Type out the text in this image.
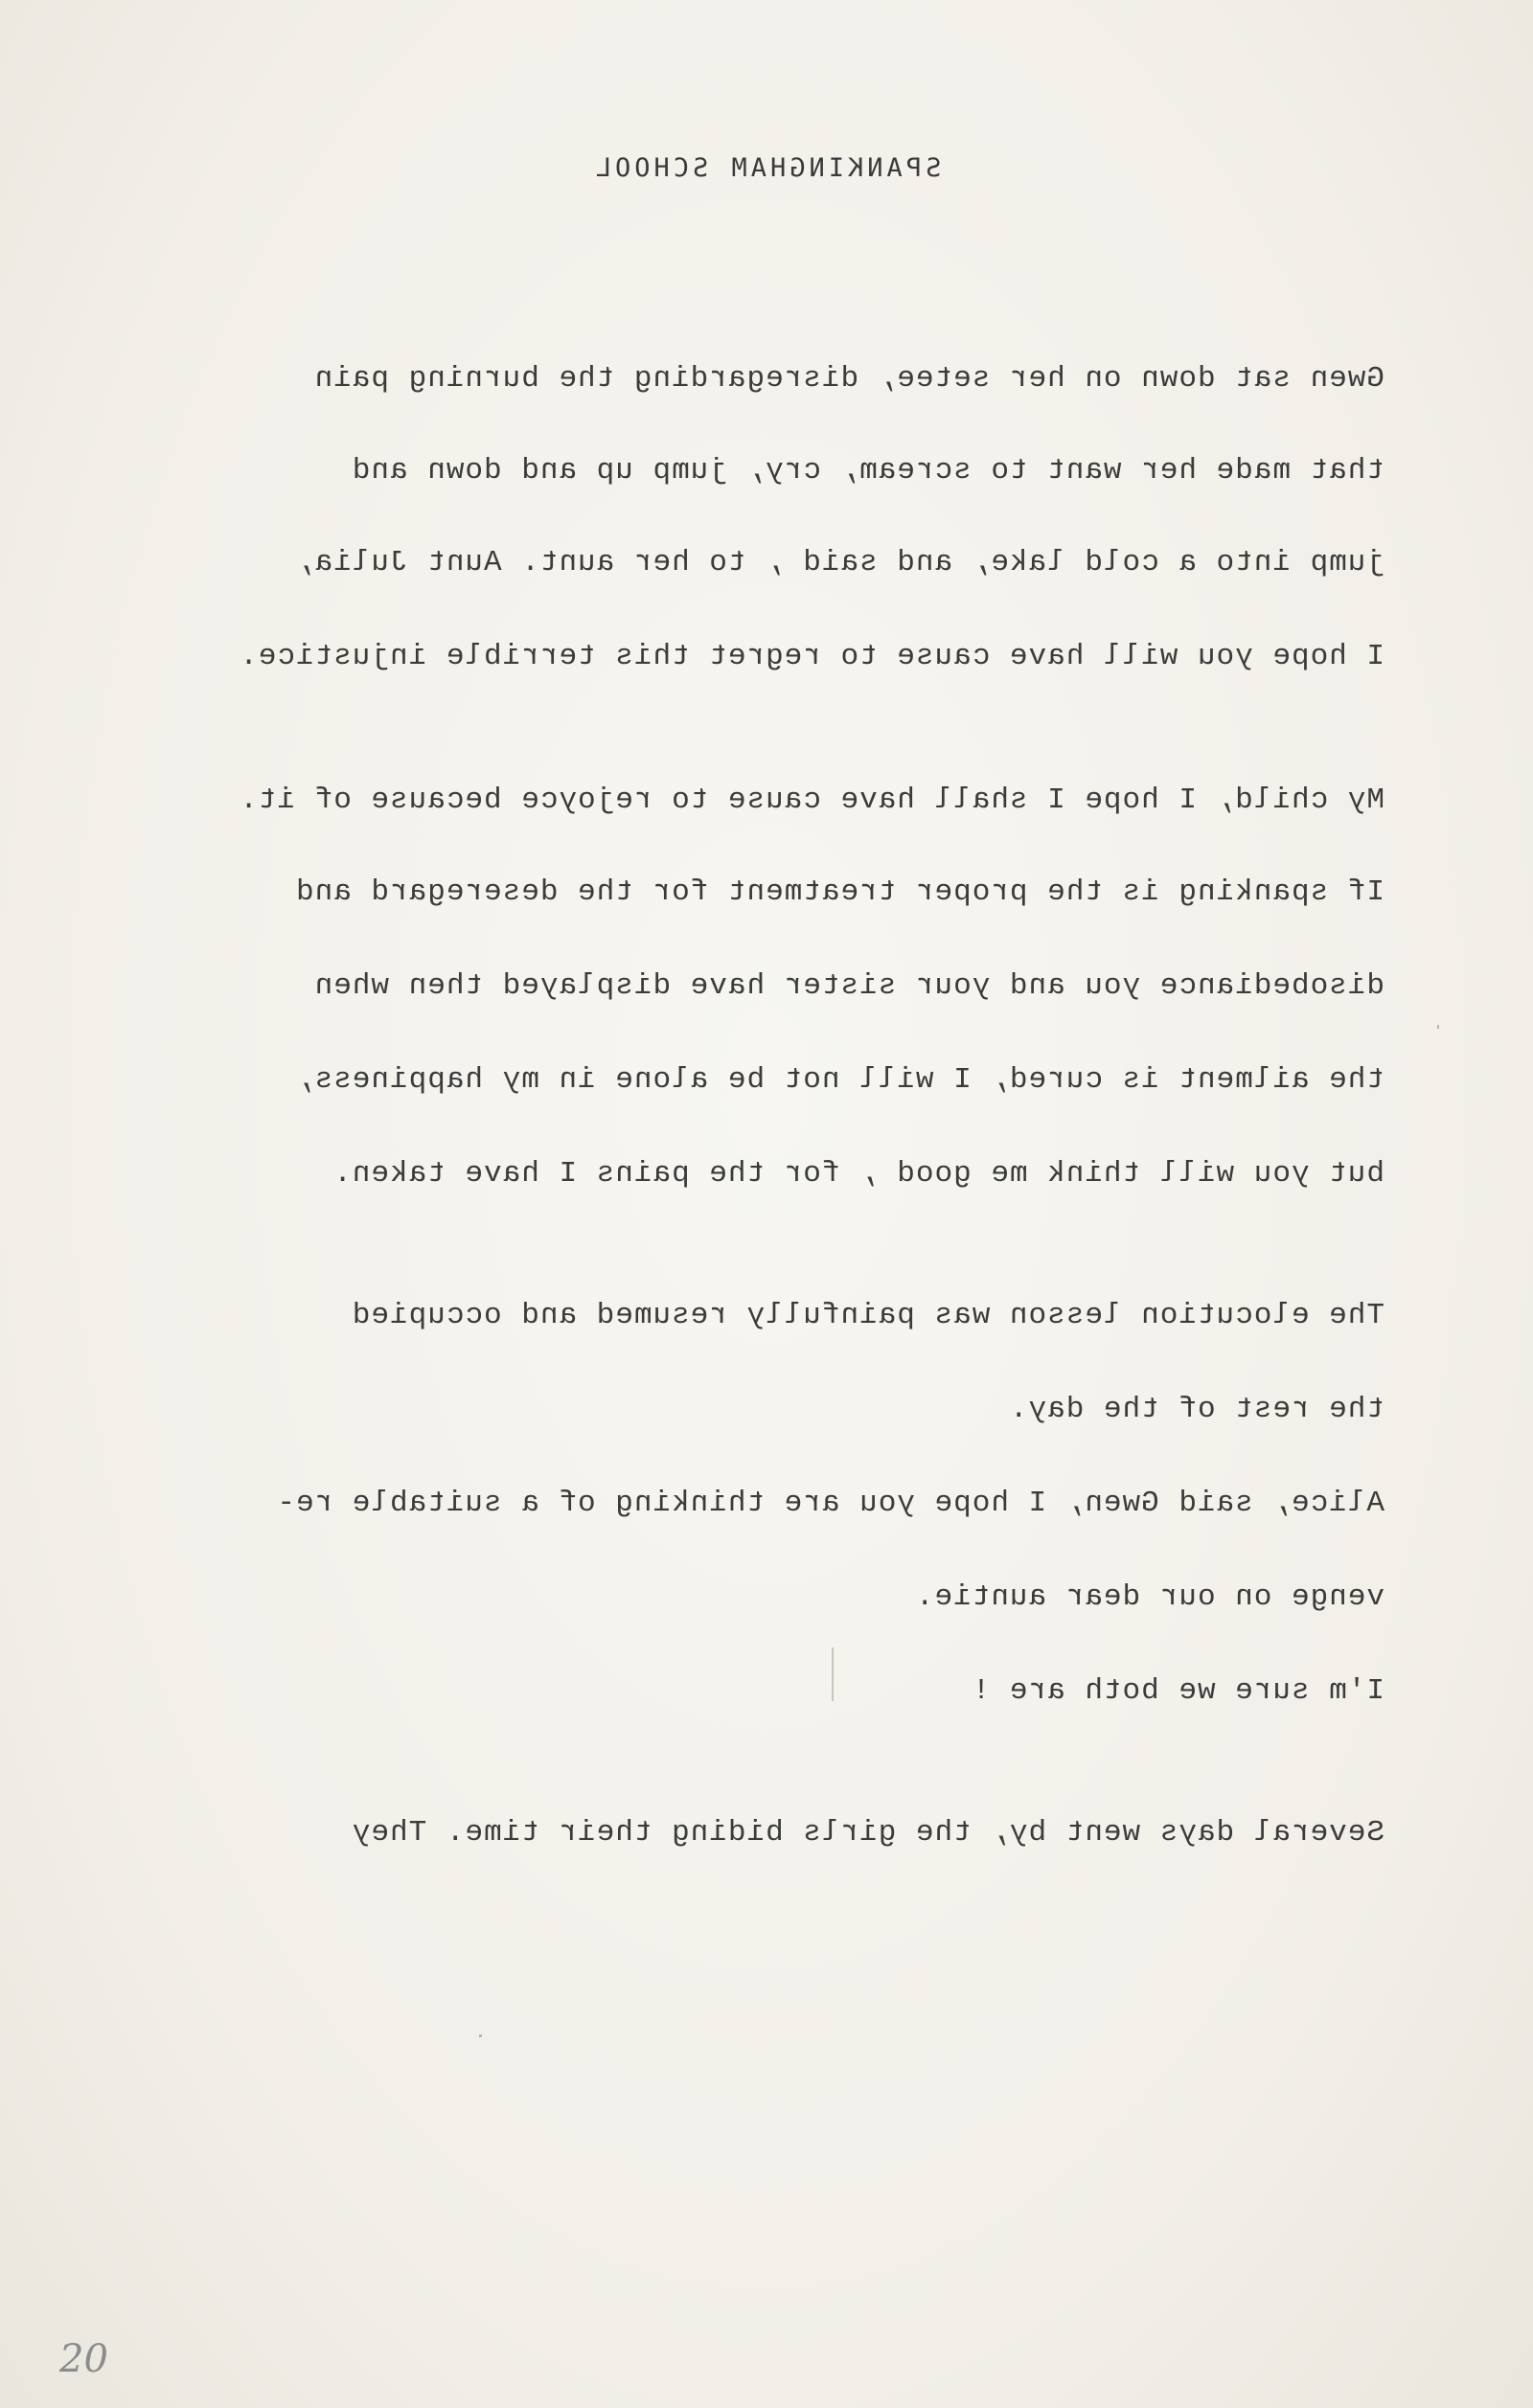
SPANKINGHAM SCHOOL

Gwen sat down on her setee, disregarding the burning pain

that made her want to scream, cry, jump up and down and

jump into a cold lake, and said , to her aunt. Aunt Julia,

I hope you will have cause to regret this terrible injustice.

My child, I hope I shall have cause to rejoyce because of it.

If spanking is the proper treatment for the deseregard and

disobediance you and your sister have displayed then when

the ailment is cured, I will not be alone in my happiness,

but you will think me good , for the pains I have taken.

The elocution lesson was painfully resumed and occupied

the rest of the day.

Alice, said Gwen, I hope you are thinking of a suitable re-

venge on our dear auntie.

I'm sure we both are !

Several days went by, the girls biding their time. They

20
